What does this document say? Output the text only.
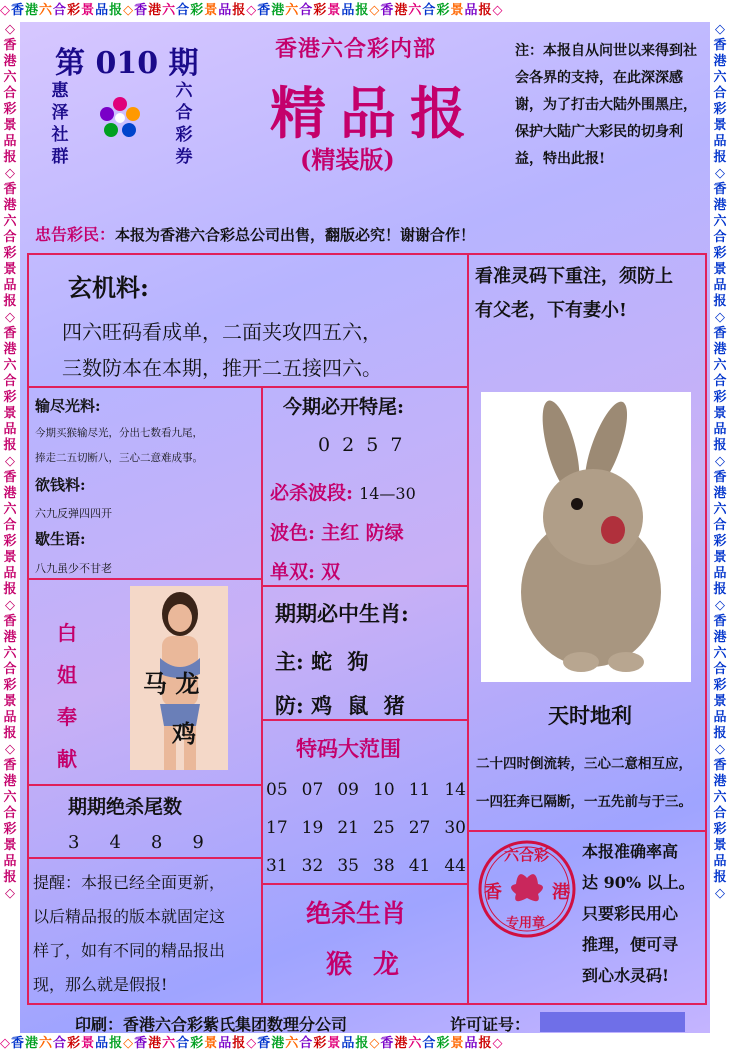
◇香港六合彩景品报◇香港六合彩景品报◇香港六合彩景品报◇香港六合彩景品报◇
◇香港六合彩景品报◇香港六合彩景品报◇香港六合彩景品报◇香港六合彩景品报◇
◇香港六合彩景品报◇香港六合彩景品报◇香港六合彩景品报◇香港六合彩景品报◇香港六合彩景品报◇香港六合彩景品报◇
◇香港六合彩景品报◇香港六合彩景品报◇香港六合彩景品报◇香港六合彩景品报◇香港六合彩景品报◇香港六合彩景品报◇
第 010 期
惠
泽
社
群
六
合
彩
券
香港六合彩内部
精品报
(精装版)
注：本报自从问世以来得到社会各界的支持，在此深深感谢，为了打击大陆外围黑庄，保护大陆广大彩民的切身利益，特出此报!
忠告彩民：本报为香港六合彩总公司出售，翻版必究！谢谢合作！
玄机料:
四六旺码看成单，二面夹攻四五六，
三数防本在本期，推开二五接四六。
看准灵码下重注，须防上
有父老，下有妻小!
输尽光料:
今期买猴输尽光，分出七数看九尾，
捧走二五切断八，三心二意难成事。
欲钱料:
六九反弹四四开
歇生语:
八九虽少不甘老
今期必开特尾:
0 2 5 7
必杀波段: 14—30
波色: 主红 防绿
单双: 双
期期必中生肖:
主: 蛇 狗
防: 鸡 鼠 猪
白
姐
奉
献
马 龙
鸡
天时地利
二十四时倒流转，三心二意相互应，
一四狂奔已隔断，一五先前与于三。
期期绝杀尾数
3 4 8 9
特码大范围
05 07 09 10 11 14
17 19 21 25 27 30
31 32 35 38 41 44
本报准确率高
达 90% 以上。
只要彩民用心
推理，便可寻
到心水灵码!
六合彩
香	港
专用章
提醒：本报已经全面更新，
以后精品报的版本就固定这
样了，如有不同的精品报出
现，那么就是假报!
绝杀生肖
猴 龙
印刷：香港六合彩紫氏集团数理分公司	许可证号：
